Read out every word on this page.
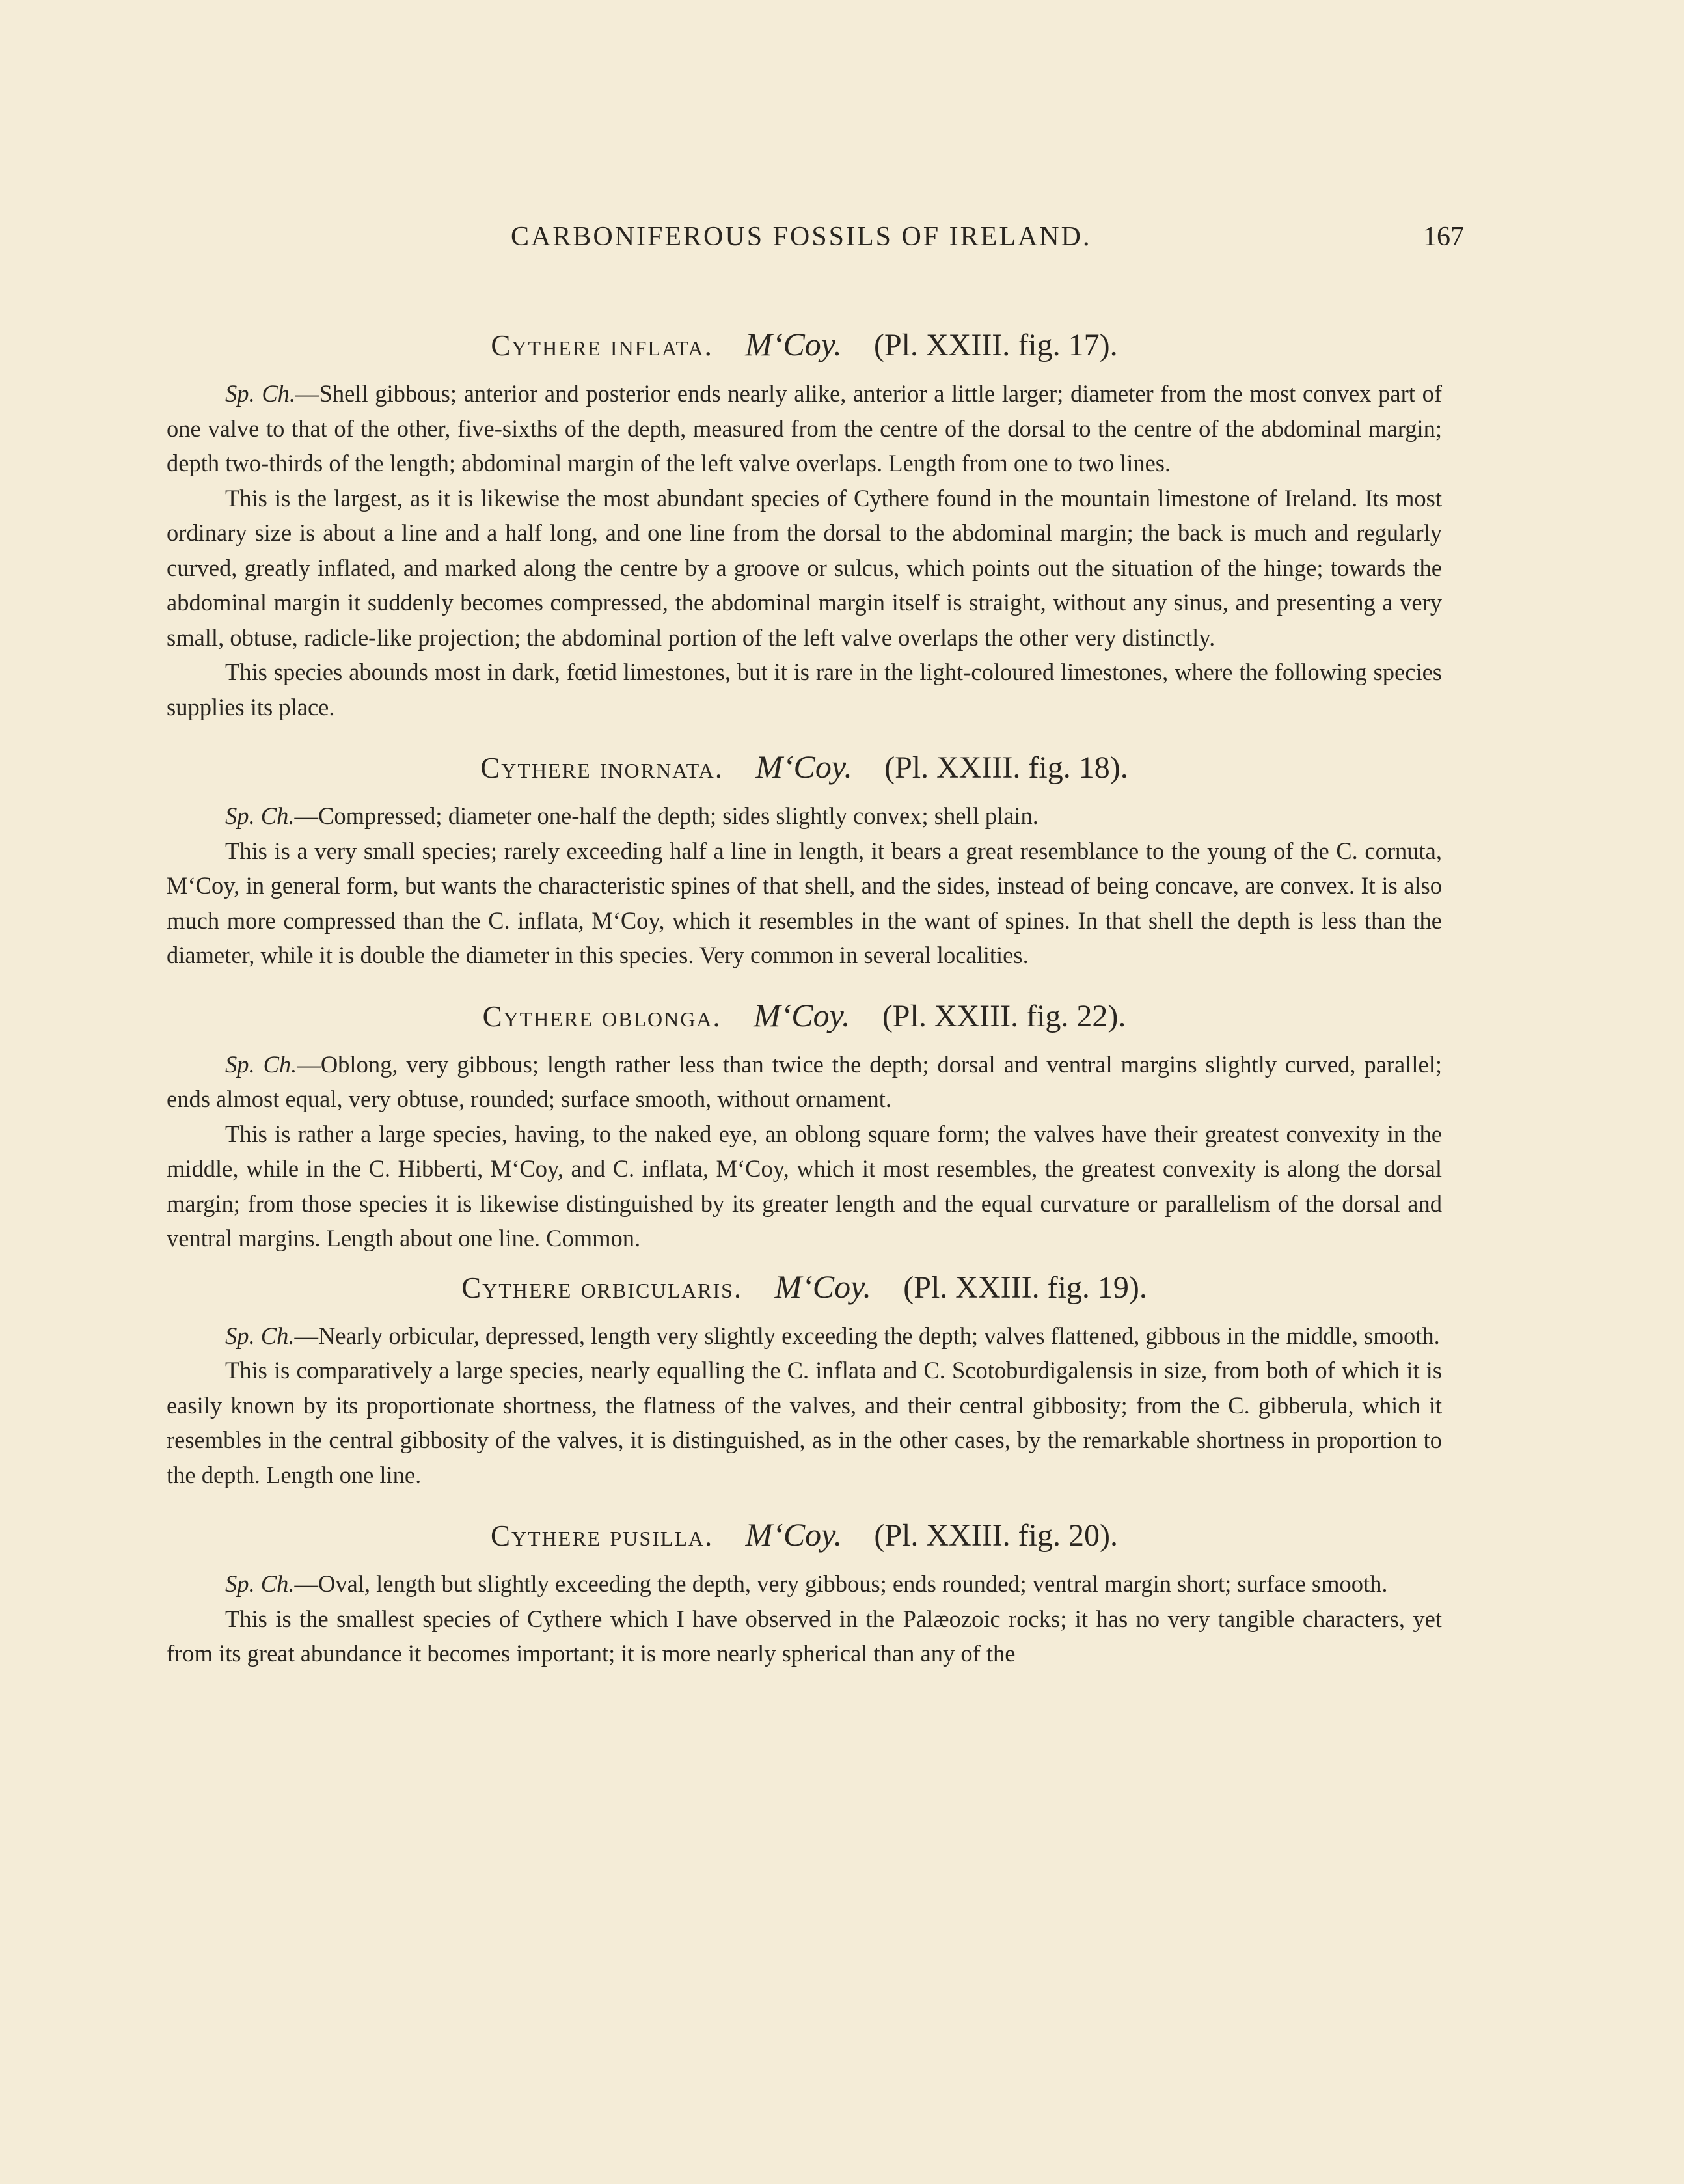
CARBONIFEROUS FOSSILS OF IRELAND.	167
Cythere inflata. M‘Coy. (Pl. XXIII. fig. 17).

Sp. Ch.—Shell gibbous; anterior and posterior ends nearly alike, anterior a little larger; diameter from the most convex part of one valve to that of the other, five-sixths of the depth, measured from the centre of the dorsal to the centre of the abdominal margin; depth two-thirds of the length; abdominal margin of the left valve overlaps. Length from one to two lines.

This is the largest, as it is likewise the most abundant species of Cythere found in the mountain limestone of Ireland. Its most ordinary size is about a line and a half long, and one line from the dorsal to the abdominal margin; the back is much and regularly curved, greatly inflated, and marked along the centre by a groove or sulcus, which points out the situation of the hinge; towards the abdominal margin it suddenly becomes compressed, the abdominal margin itself is straight, without any sinus, and presenting a very small, obtuse, radicle-like projection; the abdominal portion of the left valve overlaps the other very distinctly.

This species abounds most in dark, fœtid limestones, but it is rare in the light-coloured limestones, where the following species supplies its place.

Cythere inornata. M‘Coy. (Pl. XXIII. fig. 18).

Sp. Ch.—Compressed; diameter one-half the depth; sides slightly convex; shell plain.

This is a very small species; rarely exceeding half a line in length, it bears a great resemblance to the young of the C. cornuta, M‘Coy, in general form, but wants the characteristic spines of that shell, and the sides, instead of being concave, are convex. It is also much more compressed than the C. inflata, M‘Coy, which it resembles in the want of spines. In that shell the depth is less than the diameter, while it is double the diameter in this species. Very common in several localities.

Cythere oblonga. M‘Coy. (Pl. XXIII. fig. 22).

Sp. Ch.—Oblong, very gibbous; length rather less than twice the depth; dorsal and ventral margins slightly curved, parallel; ends almost equal, very obtuse, rounded; surface smooth, without ornament.

This is rather a large species, having, to the naked eye, an oblong square form; the valves have their greatest convexity in the middle, while in the C. Hibberti, M‘Coy, and C. inflata, M‘Coy, which it most resembles, the greatest convexity is along the dorsal margin; from those species it is likewise distinguished by its greater length and the equal curvature or parallelism of the dorsal and ventral margins. Length about one line. Common.

Cythere orbicularis. M‘Coy. (Pl. XXIII. fig. 19).

Sp. Ch.—Nearly orbicular, depressed, length very slightly exceeding the depth; valves flattened, gibbous in the middle, smooth.

This is comparatively a large species, nearly equalling the C. inflata and C. Scotoburdigalensis in size, from both of which it is easily known by its proportionate shortness, the flatness of the valves, and their central gibbosity; from the C. gibberula, which it resembles in the central gibbosity of the valves, it is distinguished, as in the other cases, by the remarkable shortness in proportion to the depth. Length one line.

Cythere pusilla. M‘Coy. (Pl. XXIII. fig. 20).

Sp. Ch.—Oval, length but slightly exceeding the depth, very gibbous; ends rounded; ventral margin short; surface smooth.

This is the smallest species of Cythere which I have observed in the Palæozoic rocks; it has no very tangible characters, yet from its great abundance it becomes important; it is more nearly spherical than any of the
